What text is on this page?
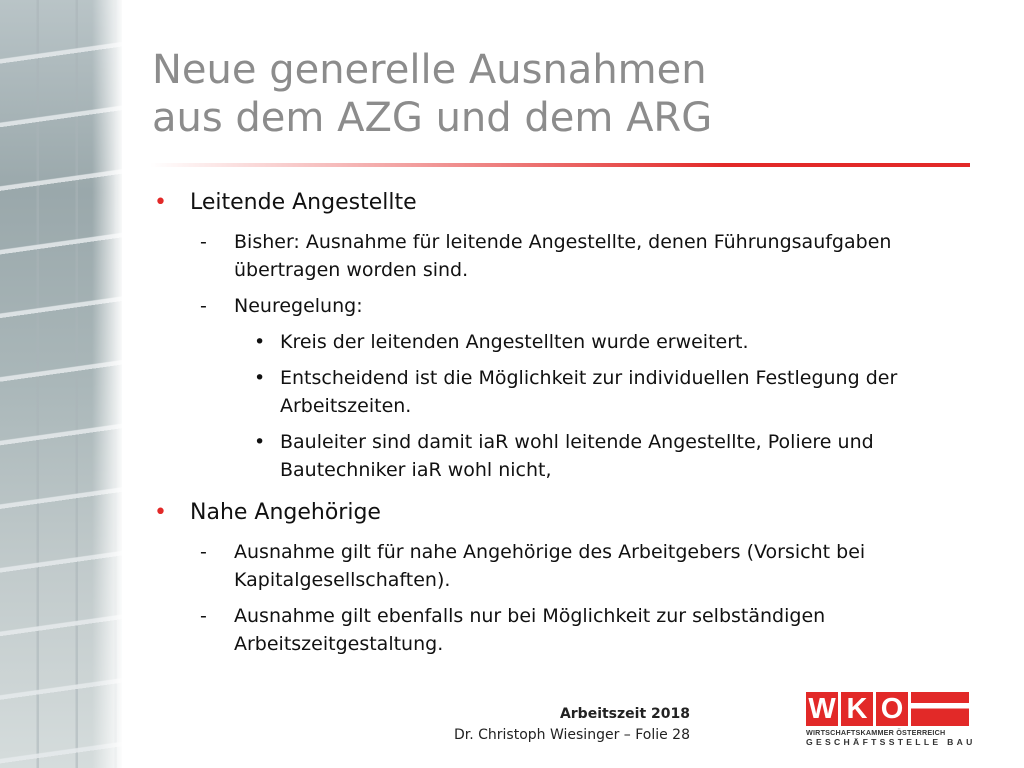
Neue generelle Ausnahmen
aus dem AZG und dem ARG
• Leitende Angestellte
- Bisher: Ausnahme für leitende Angestellte, denen Führungsaufgaben übertragen worden sind.
- Neuregelung:
• Kreis der leitenden Angestellten wurde erweitert.
• Entscheidend ist die Möglichkeit zur individuellen Festlegung der Arbeitszeiten.
• Bauleiter sind damit iaR wohl leitende Angestellte, Poliere und Bautechniker iaR wohl nicht,
• Nahe Angehörige
- Ausnahme gilt für nahe Angehörige des Arbeitgebers (Vorsicht bei Kapitalgesellschaften).
- Ausnahme gilt ebenfalls nur bei Möglichkeit zur selbständigen Arbeitszeitgestaltung.
Arbeitszeit 2018
Dr. Christoph Wiesinger – Folie 28
W K O
WIRTSCHAFTSKAMMER ÖSTERREICH
GESCHÄFTSSTELLE BAU
